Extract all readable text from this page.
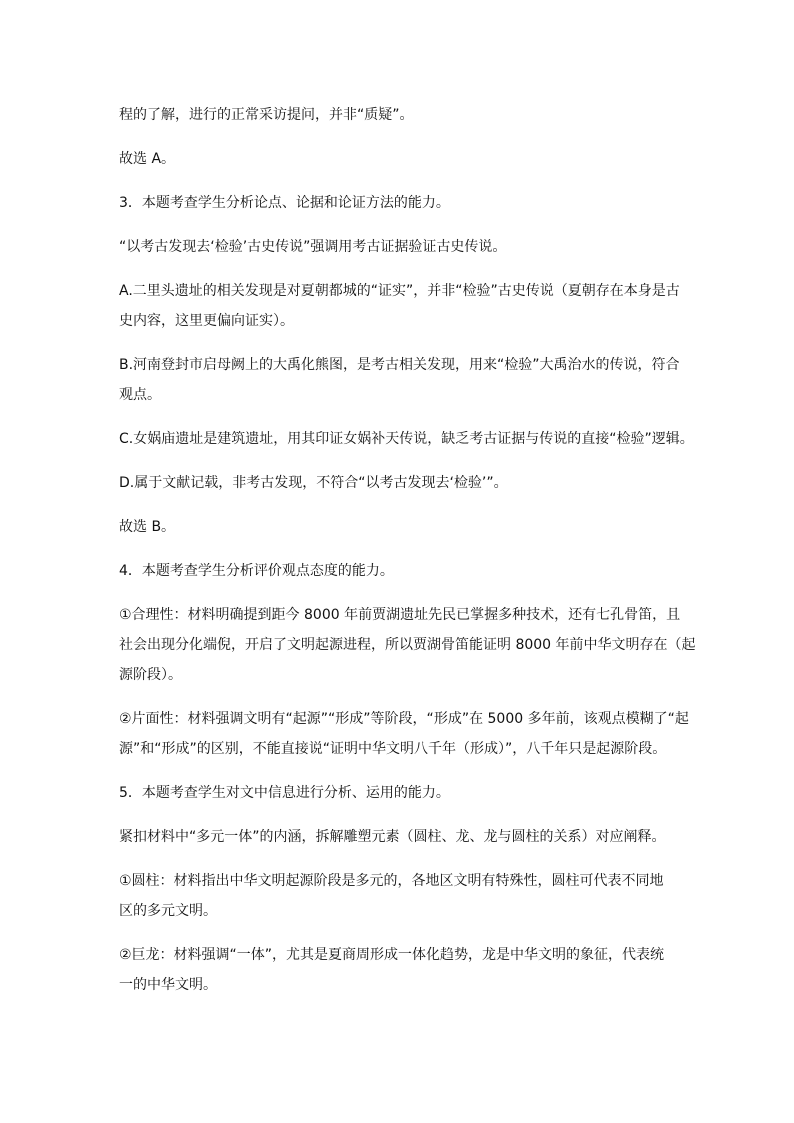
程的了解，进行的正常采访提问，并非“质疑”。

故选 A。

3．本题考查学生分析论点、论据和论证方法的能力。

“以考古发现去‘检验’古史传说”强调用考古证据验证古史传说。

A.二里头遗址的相关发现是对夏朝都城的“证实”，并非“检验”古史传说（夏朝存在本身是古
史内容，这里更偏向证实）。

B.河南登封市启母阙上的大禹化熊图，是考古相关发现，用来“检验”大禹治水的传说，符合
观点。

C.女娲庙遗址是建筑遗址，用其印证女娲补天传说，缺乏考古证据与传说的直接“检验”逻辑。

D.属于文献记载，非考古发现，不符合“以考古发现去‘检验’”。

故选 B。

4．本题考查学生分析评价观点态度的能力。

①合理性：材料明确提到距今 8000 年前贾湖遗址先民已掌握多种技术，还有七孔骨笛，且
社会出现分化端倪，开启了文明起源进程，所以贾湖骨笛能证明 8000 年前中华文明存在（起
源阶段）。

②片面性：材料强调文明有“起源”“形成”等阶段，“形成”在 5000 多年前，该观点模糊了“起
源”和“形成”的区别，不能直接说“证明中华文明八千年（形成）”，八千年只是起源阶段。

5．本题考查学生对文中信息进行分析、运用的能力。

紧扣材料中“多元一体”的内涵，拆解雕塑元素（圆柱、龙、龙与圆柱的关系）对应阐释。

①圆柱：材料指出中华文明起源阶段是多元的，各地区文明有特殊性，圆柱可代表不同地
区的多元文明。

②巨龙：材料强调“一体”，尤其是夏商周形成一体化趋势，龙是中华文明的象征，代表统
一的中华文明。
